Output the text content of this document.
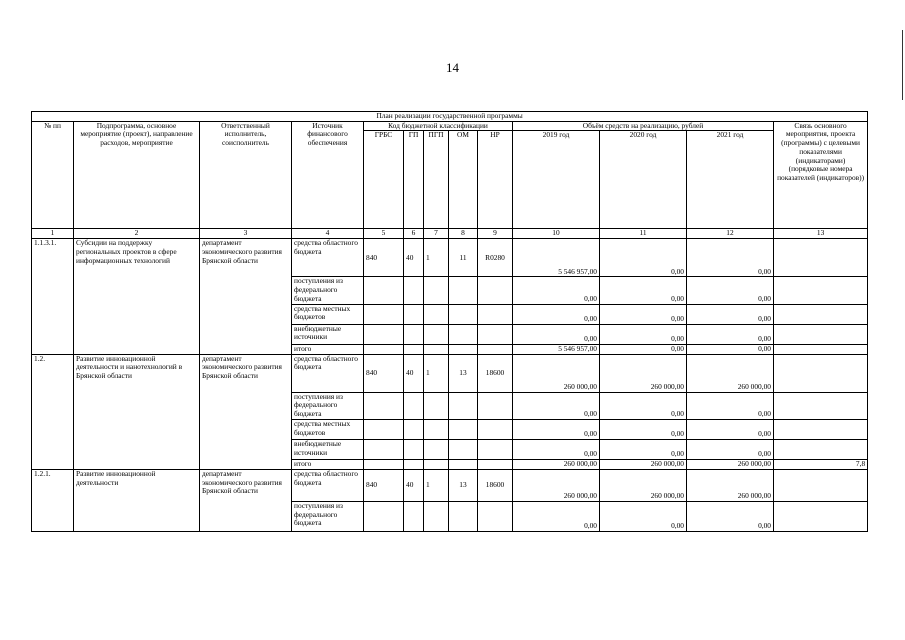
14
План реализации государственной программы												
№ пп	Подпрограмма, основное мероприятие (проект), направление расходов, мероприятие	Ответственный исполнитель, соисполнитель	Источник финансового обеспечения	Код бюджетной классификации					Объём средств на реализацию, рублей			Связь основного мероприятия, проекта (программы) с целевыми показателями (индикаторами) (порядковые номера показателей (индикаторов))
				ГРБС	ГП	ПГП	ОМ	НР	2019 год	2020 год	2021 год	
1	2	3	4	5	6	7	8	9	10	11	12	13
1.1.3.1.	Субсидии на поддержку региональных проектов в сфере информационных технологий	департамент экономического развития Брянской области	средства областного бюджета	840	40	1	11	R0280	5 546 957,00	0,00	0,00	
			поступления из федерального бюджета						0,00	0,00	0,00	
			средства местных бюджетов						0,00	0,00	0,00	
			внебюджетные источники						0,00	0,00	0,00	
			итого						5 546 957,00	0,00	0,00	
1.2.	Развитие инновационной деятельности и нанотехнологий в Брянской области	департамент экономического развития Брянской области	средства областного бюджета	840	40	1	13	18600	260 000,00	260 000,00	260 000,00	
			поступления из федерального бюджета						0,00	0,00	0,00	
			средства местных бюджетов						0,00	0,00	0,00	
			внебюджетные источники						0,00	0,00	0,00	
			итого						260 000,00	260 000,00	260 000,00	7,8
1.2.1.	Развитие инновационной деятельности	департамент экономического развития Брянской области	средства областного бюджета	840	40	1	13	18600	260 000,00	260 000,00	260 000,00	
			поступления из федерального бюджета						0,00	0,00	0,00	
